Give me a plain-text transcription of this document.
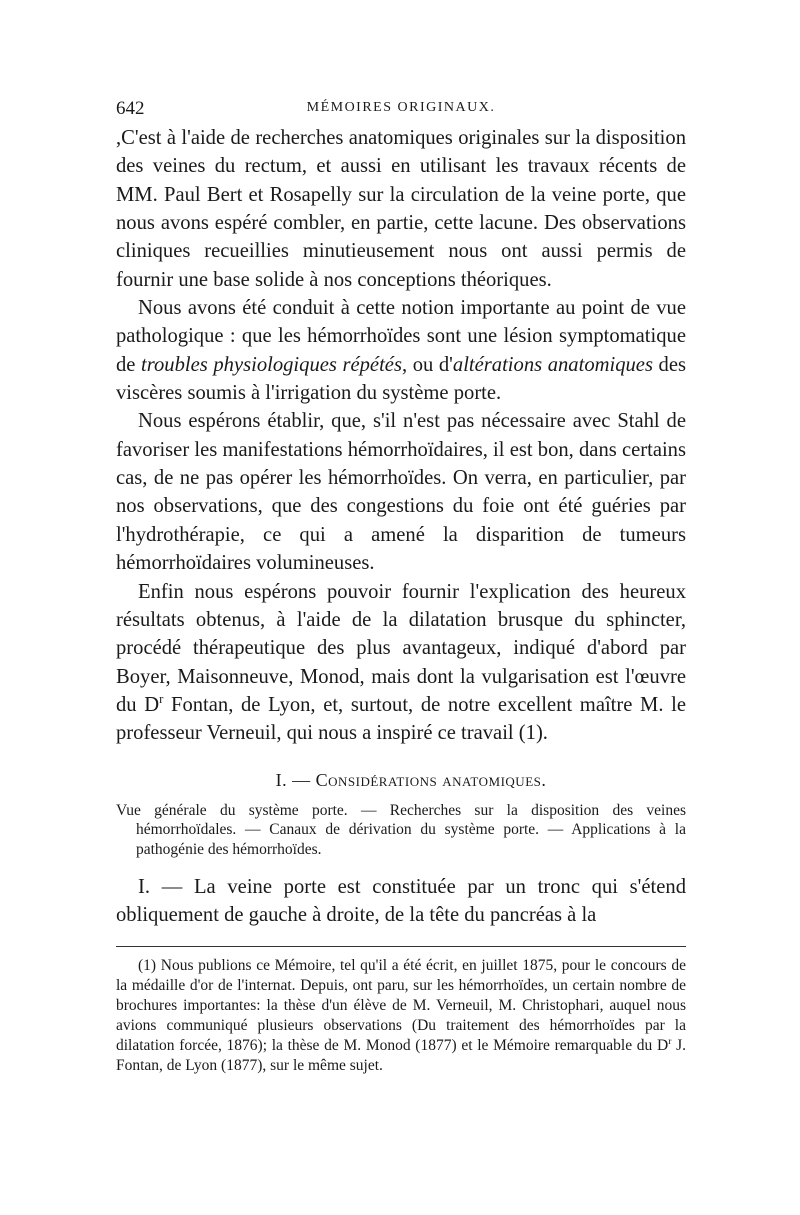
642	MÉMOIRES ORIGINAUX.

,C'est à l'aide de recherches anatomiques originales sur la disposition des veines du rectum, et aussi en utilisant les travaux récents de MM. Paul Bert et Rosapelly sur la circulation de la veine porte, que nous avons espéré combler, en partie, cette lacune. Des observations cliniques recueillies minutieusement nous ont aussi permis de fournir une base solide à nos conceptions théoriques.

Nous avons été conduit à cette notion importante au point de vue pathologique : que les hémorrhoïdes sont une lésion symptomatique de troubles physiologiques répétés, ou d'altérations anatomiques des viscères soumis à l'irrigation du système porte.

Nous espérons établir, que, s'il n'est pas nécessaire avec Stahl de favoriser les manifestations hémorrhoïdaires, il est bon, dans certains cas, de ne pas opérer les hémorrhoïdes. On verra, en particulier, par nos observations, que des congestions du foie ont été guéries par l'hydrothérapie, ce qui a amené la disparition de tumeurs hémorrhoïdaires volumineuses.

Enfin nous espérons pouvoir fournir l'explication des heureux résultats obtenus, à l'aide de la dilatation brusque du sphincter, procédé thérapeutique des plus avantageux, indiqué d'abord par Boyer, Maisonneuve, Monod, mais dont la vulgarisation est l'œuvre du $D^r$ Fontan, de Lyon, et, surtout, de notre excellent maître M. le professeur Verneuil, qui nous a inspiré ce travail (1).

I. — Considérations anatomiques.

Vue générale du système porte. — Recherches sur la disposition des veines hémorrhoïdales. — Canaux de dérivation du système porte. — Applications à la pathogénie des hémorrhoïdes.

I. — La veine porte est constituée par un tronc qui s'étend obliquement de gauche à droite, de la tête du pancréas à la

(1) Nous publions ce Mémoire, tel qu'il a été écrit, en juillet 1875, pour le concours de la médaille d'or de l'internat. Depuis, ont paru, sur les hémorrhoïdes, un certain nombre de brochures importantes: la thèse d'un élève de M. Verneuil, M. Christophari, auquel nous avions communiqué plusieurs observations (Du traitement des hémorrhoïdes par la dilatation forcée, 1876); la thèse de M. Monod (1877) et le Mémoire remarquable du $D^r$ J. Fontan, de Lyon (1877), sur le même sujet.
